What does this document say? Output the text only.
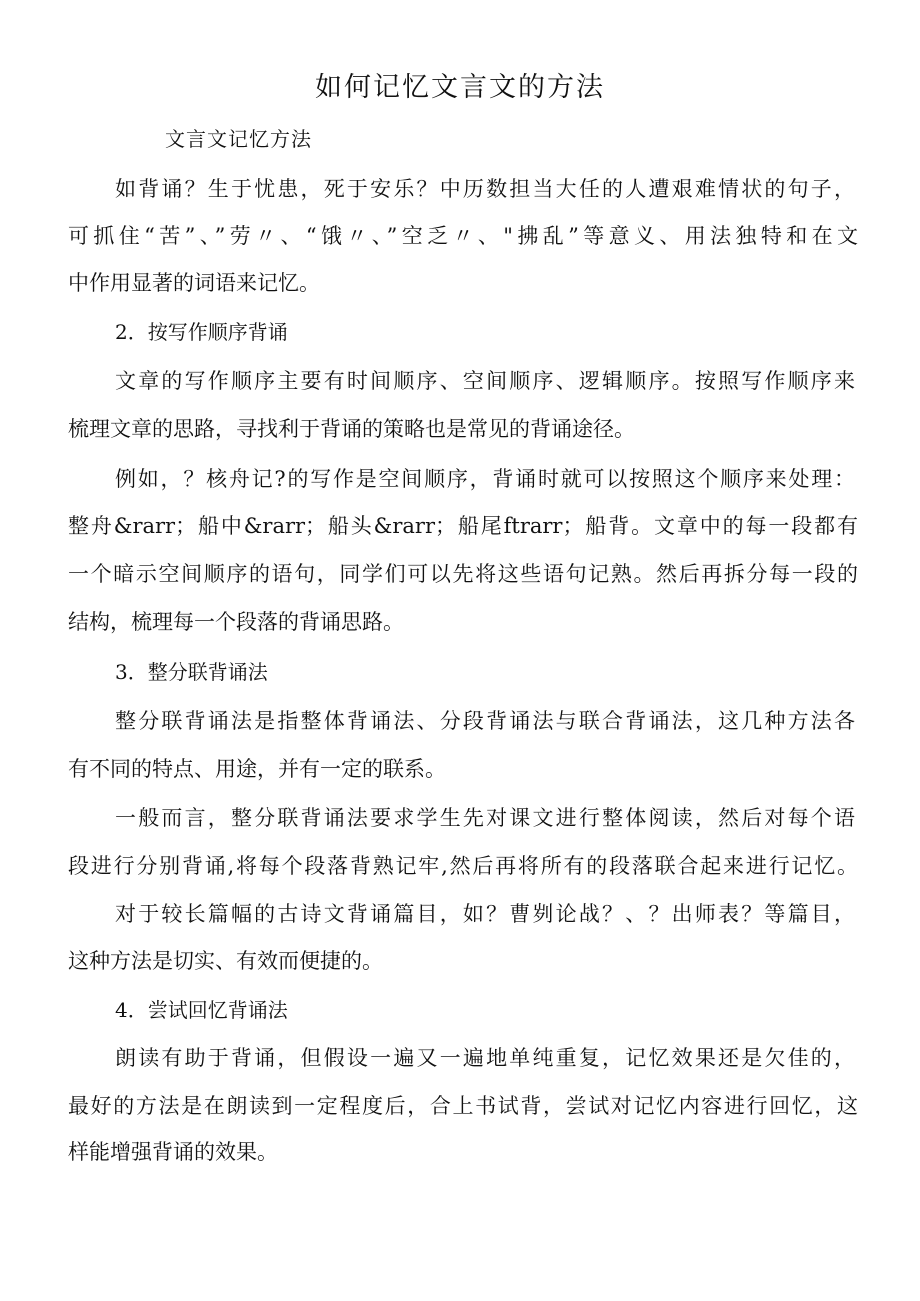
如何记忆文言文的方法
文言文记忆方法
如背诵？生于忧患，死于安乐？中历数担当大任的人遭艰难情状的句子，
可抓住“苦”、”劳〃、“饿〃、”空乏〃、"拂乱”等意义、用法独特和在文
中作用显著的词语来记忆。
2．按写作顺序背诵
文章的写作顺序主要有时间顺序、空间顺序、逻辑顺序。按照写作顺序来
梳理文章的思路，寻找利于背诵的策略也是常见的背诵途径。
例如，？核舟记?的写作是空间顺序，背诵时就可以按照这个顺序来处理：
整舟&rarr；船中&rarr；船头&rarr；船尾ftrarr；船背。文章中的每一段都有
一个暗示空间顺序的语句，同学们可以先将这些语句记熟。然后再拆分每一段的
结构，梳理每一个段落的背诵思路。
3．整分联背诵法
整分联背诵法是指整体背诵法、分段背诵法与联合背诵法，这几种方法各
有不同的特点、用途，并有一定的联系。
一般而言，整分联背诵法要求学生先对课文进行整体阅读，然后对每个语
段进行分别背诵,将每个段落背熟记牢,然后再将所有的段落联合起来进行记忆。
对于较长篇幅的古诗文背诵篇目，如？曹刿论战？、？出师表？等篇目，
这种方法是切实、有效而便捷的。
4．尝试回忆背诵法
朗读有助于背诵，但假设一遍又一遍地单纯重复，记忆效果还是欠佳的，
最好的方法是在朗读到一定程度后，合上书试背，尝试对记忆内容进行回忆，这
样能增强背诵的效果。
